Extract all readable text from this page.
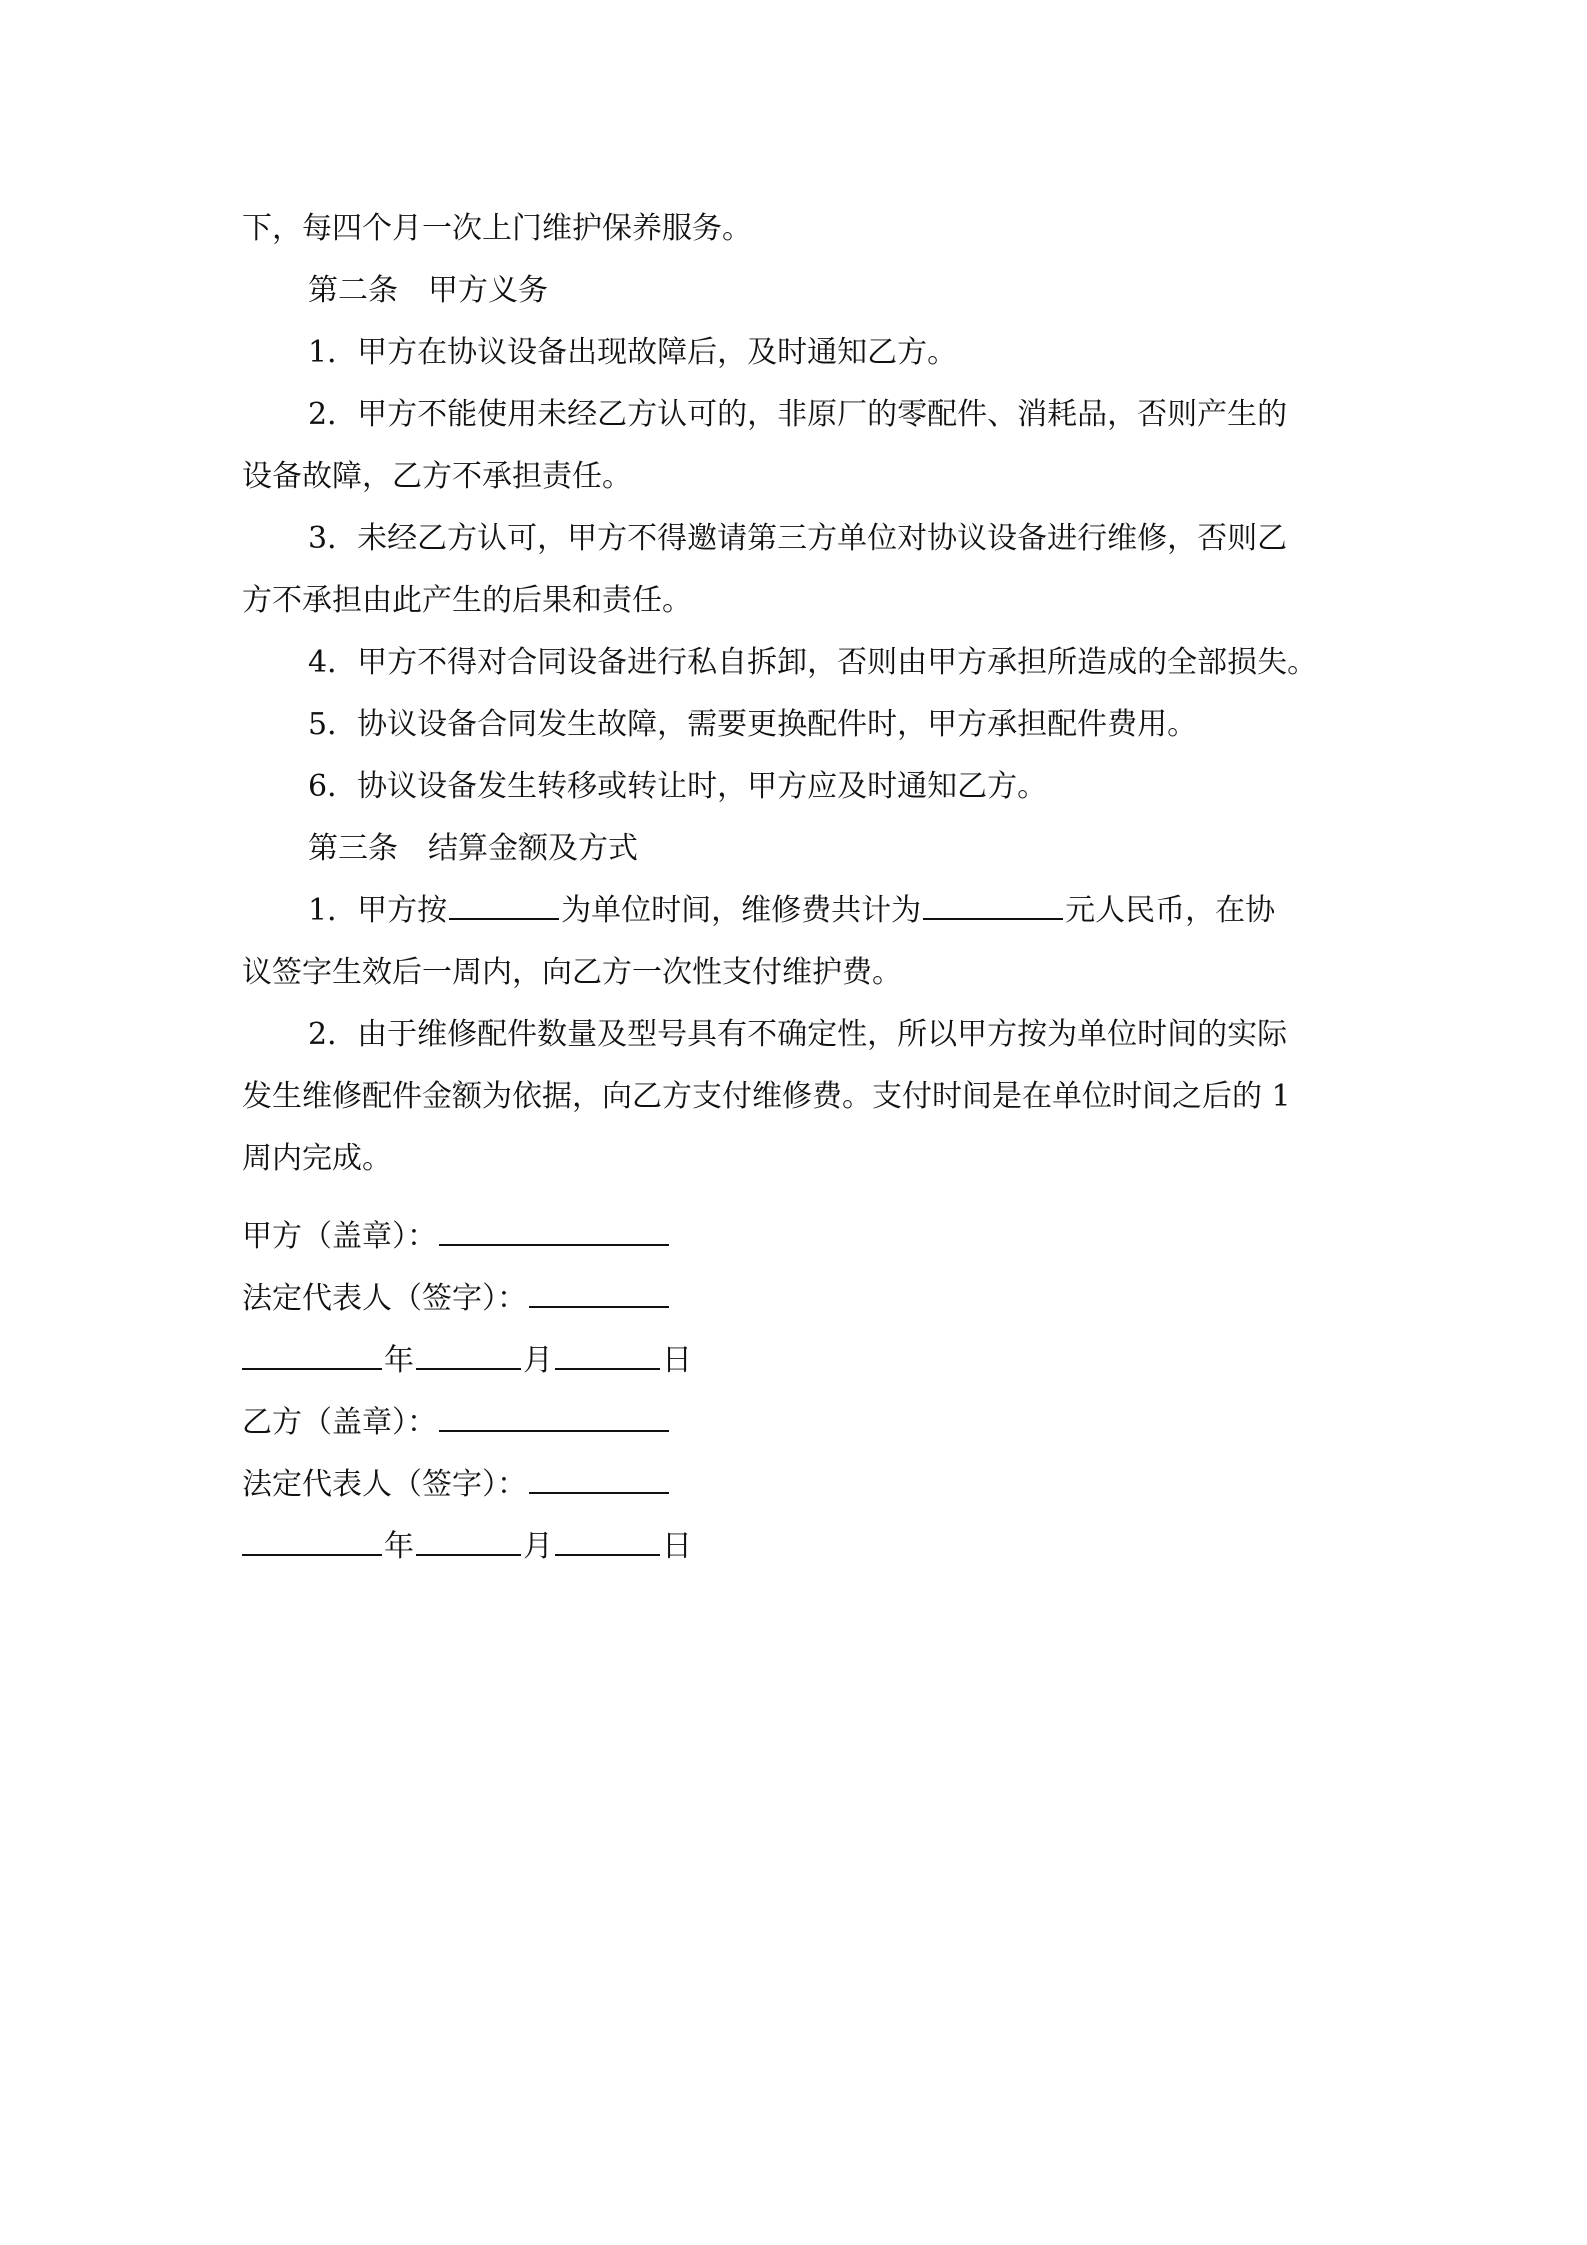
下，每四个月一次上门维护保养服务。
第二条　甲方义务
1．甲方在协议设备出现故障后，及时通知乙方。
2．甲方不能使用未经乙方认可的，非原厂的零配件、消耗品，否则产生的
设备故障，乙方不承担责任。
3．未经乙方认可，甲方不得邀请第三方单位对协议设备进行维修，否则乙
方不承担由此产生的后果和责任。
4．甲方不得对合同设备进行私自拆卸，否则由甲方承担所造成的全部损失。
5．协议设备合同发生故障，需要更换配件时，甲方承担配件费用。
6．协议设备发生转移或转让时，甲方应及时通知乙方。
第三条　结算金额及方式
1．甲方按	为单位时间，维修费共计为	元人民币，在协
议签字生效后一周内，向乙方一次性支付维护费。
2．由于维修配件数量及型号具有不确定性，所以甲方按为单位时间的实际
发生维修配件金额为依据，向乙方支付维修费。支付时间是在单位时间之后的 1
周内完成。
甲方（盖章）：
法定代表人（签字）：
年	月	日
乙方（盖章）：
法定代表人（签字）：
年	月	日
